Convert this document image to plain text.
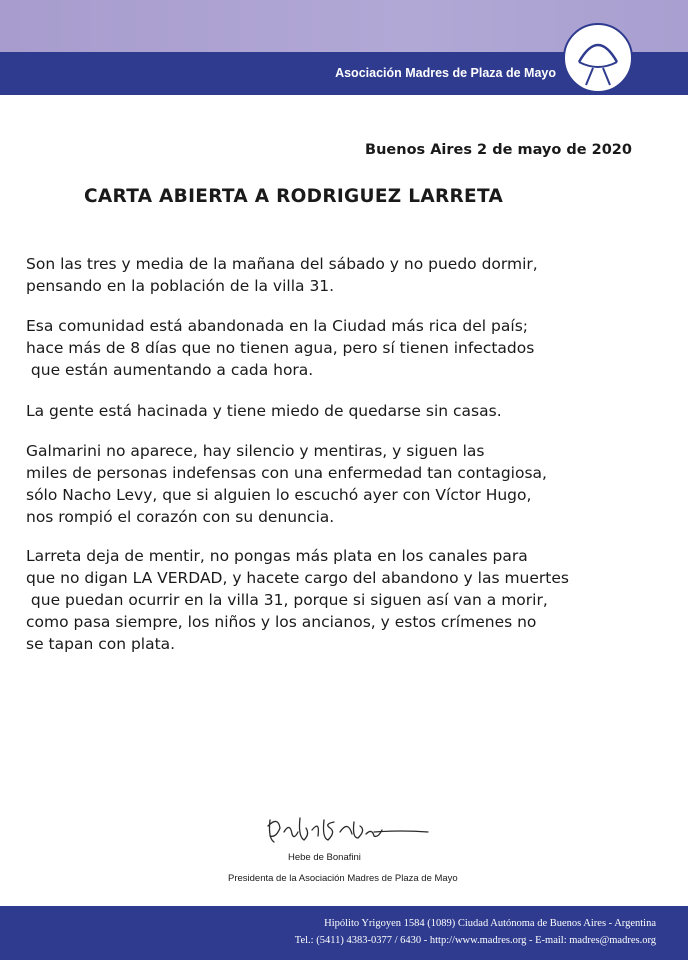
Asociación Madres de Plaza de Mayo
Buenos Aires 2 de mayo de 2020
CARTA ABIERTA A RODRIGUEZ LARRETA
Son las tres y media de la mañana del sábado y no puedo dormir,
pensando en la población de la villa 31.
Esa comunidad está abandonada en la Ciudad más rica del país;
hace más de 8 días que no tienen agua, pero sí tienen infectados
que están aumentando a cada hora.
La gente está hacinada y tiene miedo de quedarse sin casas.
Galmarini no aparece, hay silencio y mentiras, y siguen las
miles de personas indefensas con una enfermedad tan contagiosa,
sólo Nacho Levy, que si alguien lo escuchó ayer con Víctor Hugo,
nos rompió el corazón con su denuncia.
Larreta deja de mentir, no pongas más plata en los canales para
que no digan LA VERDAD, y hacete cargo del abandono y las muertes
que puedan ocurrir en la villa 31, porque si siguen así van a morir,
como pasa siempre, los niños y los ancianos, y estos crímenes no
se tapan con plata.
Hebe de Bonafini
Presidenta de la Asociación Madres de Plaza de Mayo
Hipólito Yrigoyen 1584 (1089) Ciudad Autónoma de Buenos Aires - Argentina
Tel.: (5411) 4383-0377 / 6430 - http://www.madres.org - E-mail: madres@madres.org
